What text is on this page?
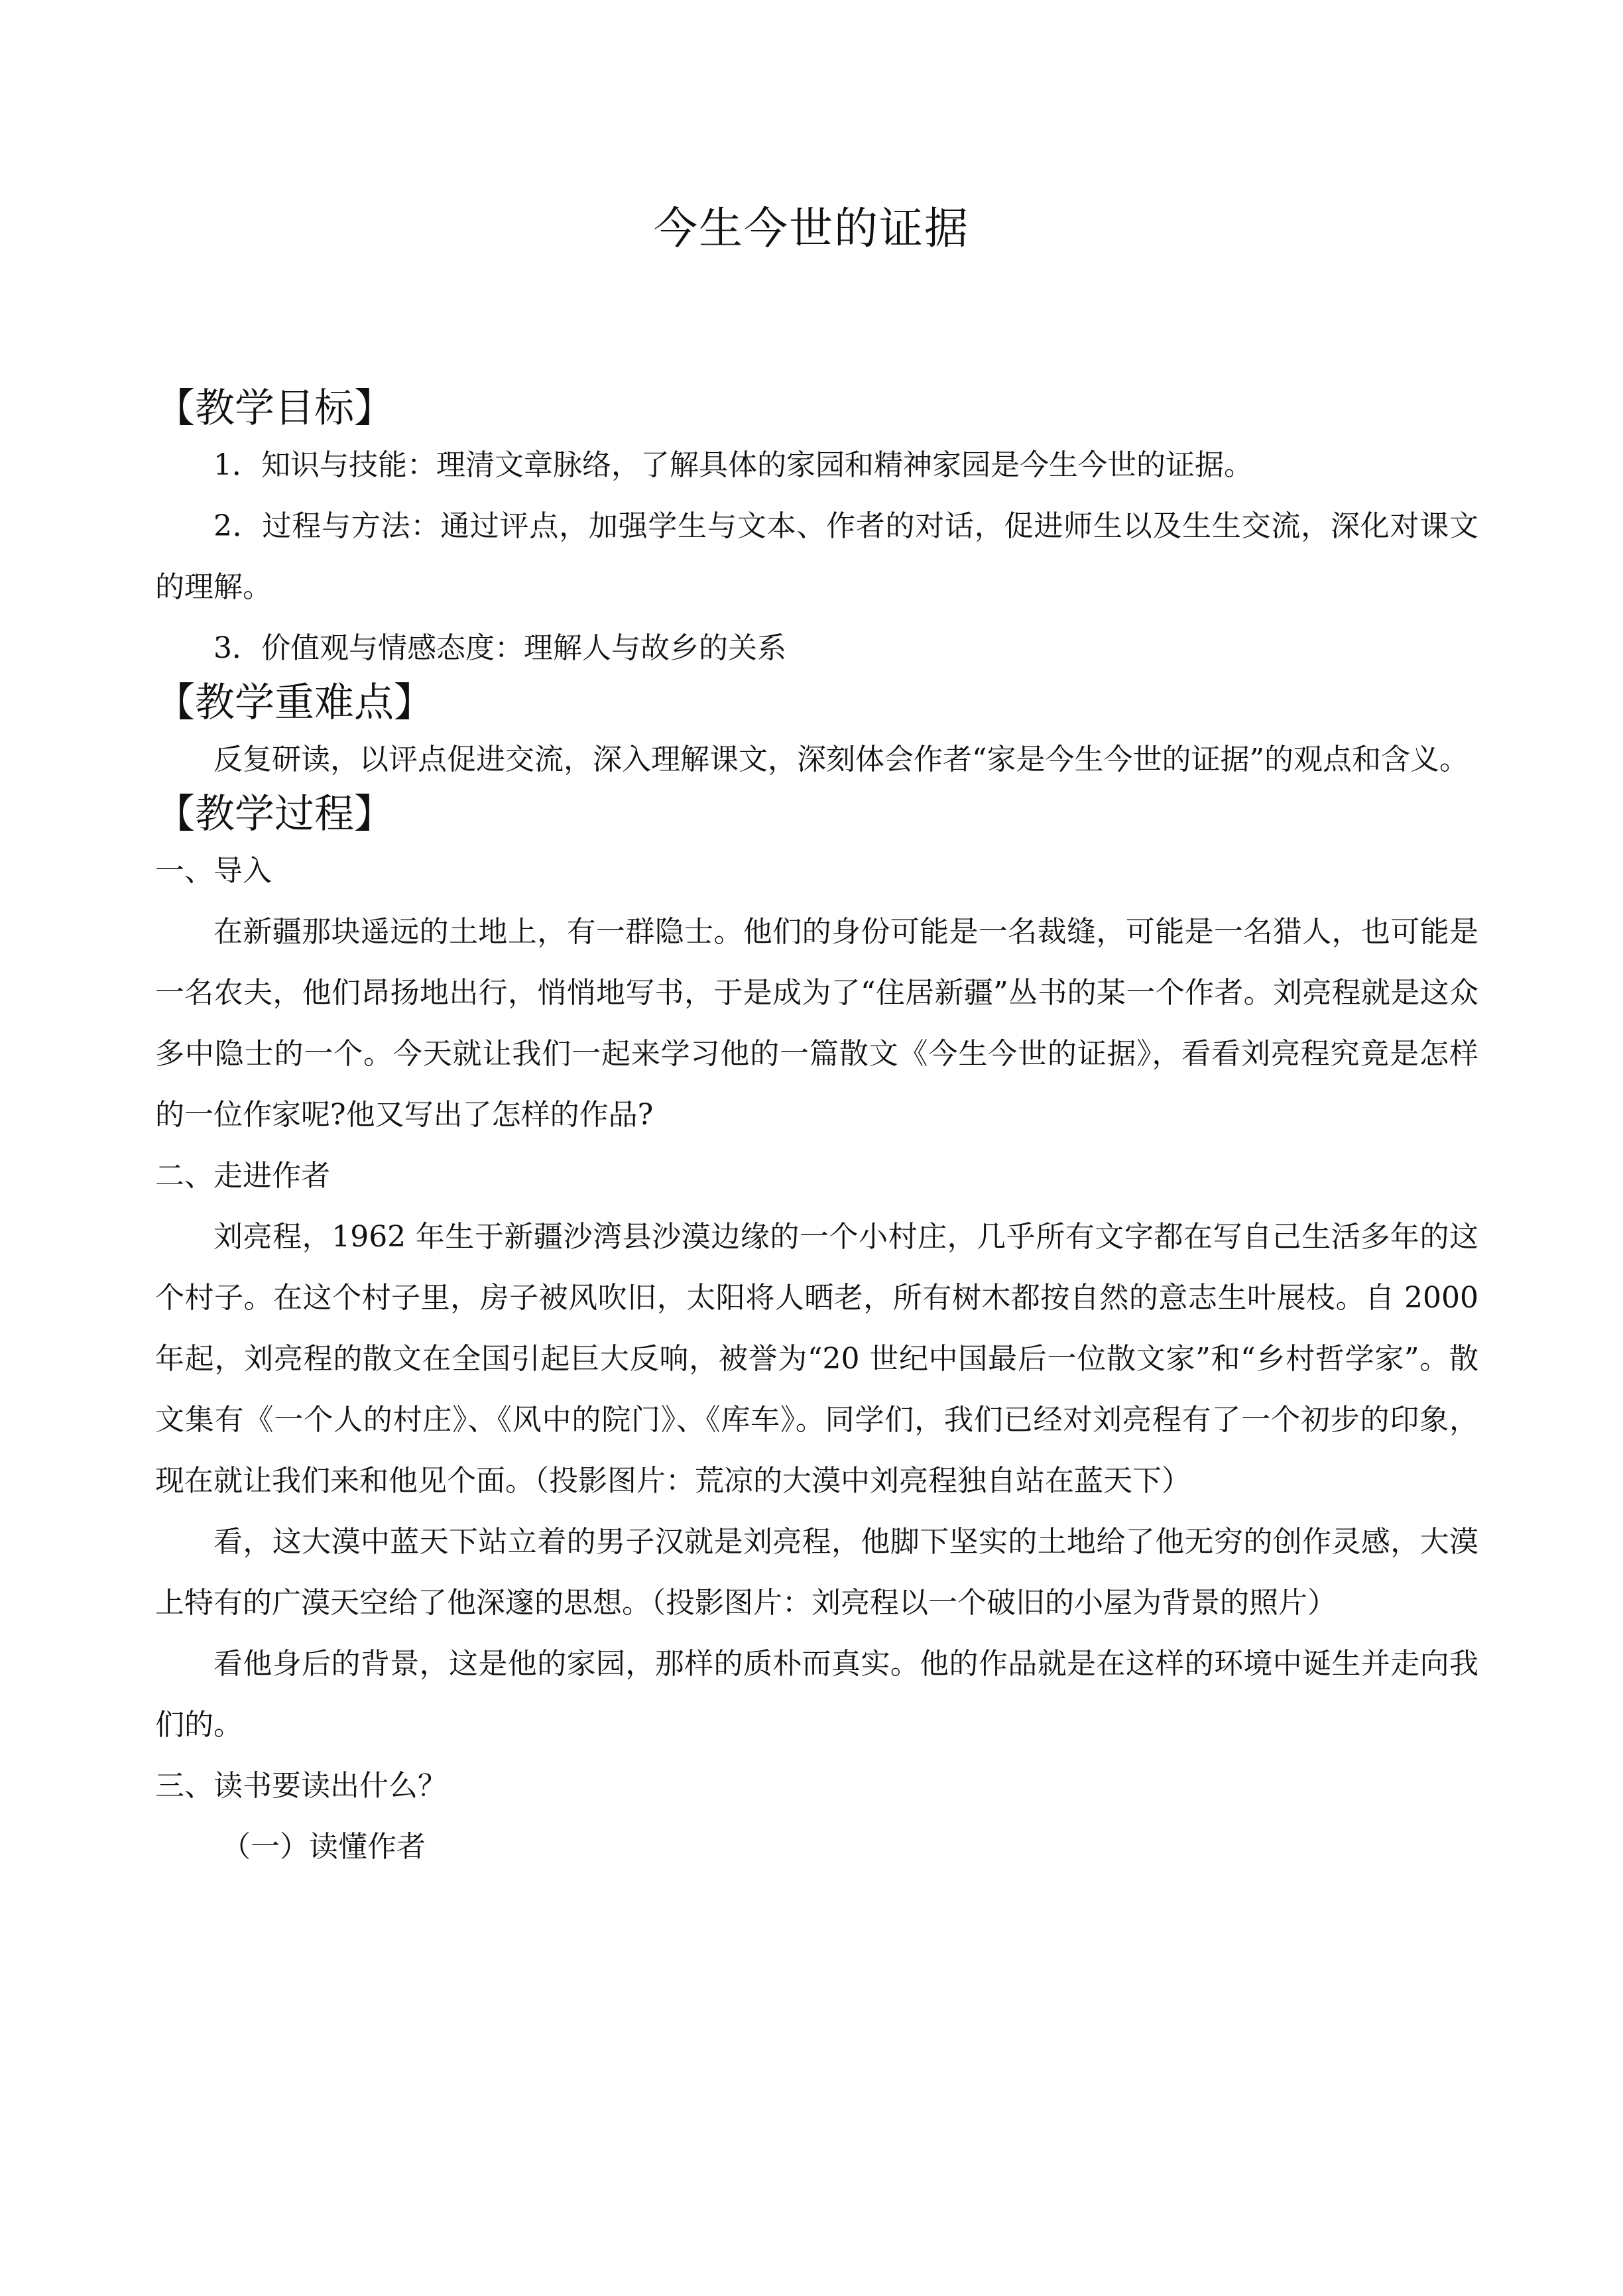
今生今世的证据
【教学目标】

1．知识与技能：理清文章脉络，了解具体的家园和精神家园是今生今世的证据。

2．过程与方法：通过评点，加强学生与文本、作者的对话，促进师生以及生生交流，深化对课文的理解。

3．价值观与情感态度：理解人与故乡的关系

【教学重难点】

反复研读，以评点促进交流，深入理解课文，深刻体会作者“家是今生今世的证据”的观点和含义。

【教学过程】

一、导入

在新疆那块遥远的土地上，有一群隐士。他们的身份可能是一名裁缝，可能是一名猎人，也可能是一名农夫，他们昂扬地出行，悄悄地写书，于是成为了“住居新疆”丛书的某一个作者。刘亮程就是这众多中隐士的一个。今天就让我们一起来学习他的一篇散文《今生今世的证据》，看看刘亮程究竟是怎样的一位作家呢?他又写出了怎样的作品?

二、走进作者

刘亮程，1962 年生于新疆沙湾县沙漠边缘的一个小村庄，几乎所有文字都在写自己生活多年的这个村子。在这个村子里，房子被风吹旧，太阳将人晒老，所有树木都按自然的意志生叶展枝。自 2000 年起，刘亮程的散文在全国引起巨大反响，被誉为“20 世纪中国最后一位散文家”和“乡村哲学家”。散文集有《一个人的村庄》、《风中的院门》、《库车》。同学们，我们已经对刘亮程有了一个初步的印象，现在就让我们来和他见个面。（投影图片：荒凉的大漠中刘亮程独自站在蓝天下）

看，这大漠中蓝天下站立着的男子汉就是刘亮程，他脚下坚实的土地给了他无穷的创作灵感，大漠上特有的广漠天空给了他深邃的思想。（投影图片：刘亮程以一个破旧的小屋为背景的照片）

看他身后的背景，这是他的家园，那样的质朴而真实。他的作品就是在这样的环境中诞生并走向我们的。

三、读书要读出什么？

（一）读懂作者
